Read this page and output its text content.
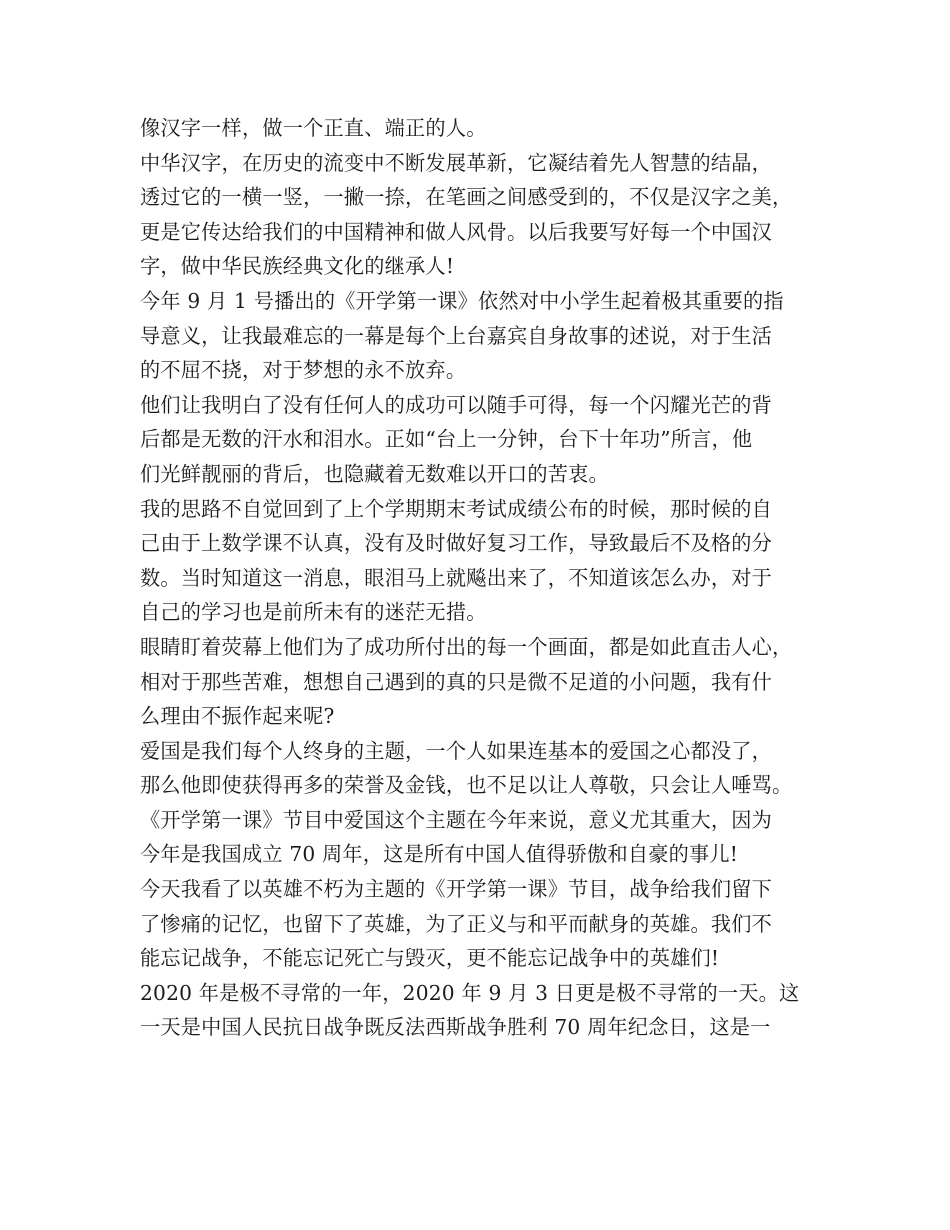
像汉字一样，做一个正直、端正的人。
中华汉字，在历史的流变中不断发展革新，它凝结着先人智慧的结晶，
透过它的一横一竖，一撇一捺，在笔画之间感受到的，不仅是汉字之美，
更是它传达给我们的中国精神和做人风骨。以后我要写好每一个中国汉
字，做中华民族经典文化的继承人!
今年 9 月 1 号播出的《开学第一课》依然对中小学生起着极其重要的指
导意义，让我最难忘的一幕是每个上台嘉宾自身故事的述说，对于生活
的不屈不挠，对于梦想的永不放弃。
他们让我明白了没有任何人的成功可以随手可得，每一个闪耀光芒的背
后都是无数的汗水和泪水。正如“台上一分钟，台下十年功”所言，他
们光鲜靓丽的背后，也隐藏着无数难以开口的苦衷。
我的思路不自觉回到了上个学期期末考试成绩公布的时候，那时候的自
己由于上数学课不认真，没有及时做好复习工作，导致最后不及格的分
数。当时知道这一消息，眼泪马上就飚出来了，不知道该怎么办，对于
自己的学习也是前所未有的迷茫无措。
眼睛盯着荧幕上他们为了成功所付出的每一个画面，都是如此直击人心，
相对于那些苦难，想想自己遇到的真的只是微不足道的小问题，我有什
么理由不振作起来呢?
爱国是我们每个人终身的主题，一个人如果连基本的爱国之心都没了，
那么他即使获得再多的荣誉及金钱，也不足以让人尊敬，只会让人唾骂。
《开学第一课》节目中爱国这个主题在今年来说，意义尤其重大，因为
今年是我国成立 70 周年，这是所有中国人值得骄傲和自豪的事儿!
今天我看了以英雄不朽为主题的《开学第一课》节目，战争给我们留下
了惨痛的记忆，也留下了英雄，为了正义与和平而献身的英雄。我们不
能忘记战争，不能忘记死亡与毁灭，更不能忘记战争中的英雄们!
2020 年是极不寻常的一年，2020 年 9 月 3 日更是极不寻常的一天。这
一天是中国人民抗日战争既反法西斯战争胜利 70 周年纪念日，这是一
